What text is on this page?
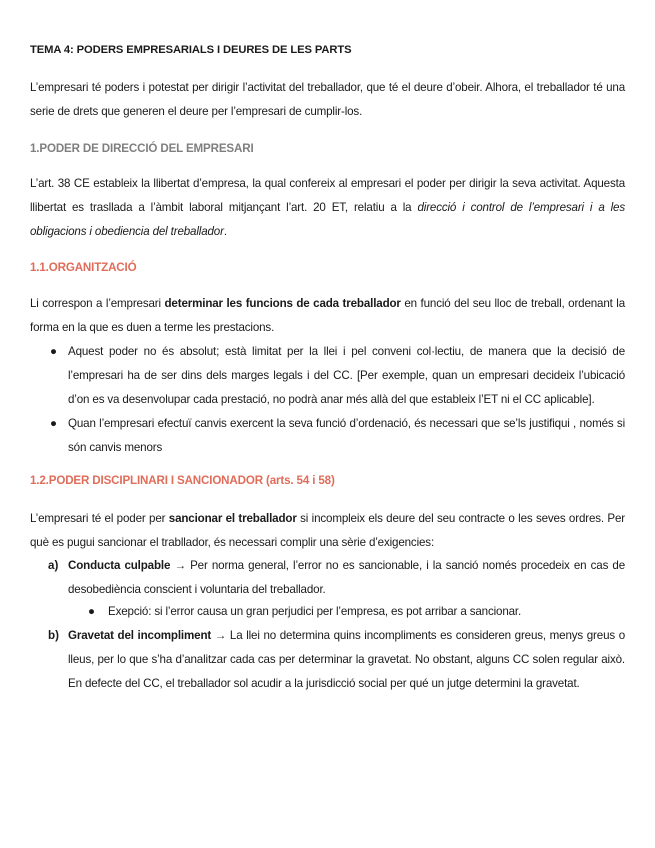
TEMA 4: PODERS EMPRESARIALS I DEURES DE LES PARTS
L’empresari té poders i potestat per dirigir l’activitat del treballador, que té el deure d’obeir. Alhora, el treballador té una serie de drets que generen el deure per l’empresari de cumplir-los.
1.PODER DE DIRECCIÓ DEL EMPRESARI
L’art. 38 CE estableix la llibertat d’empresa, la qual confereix al empresari el poder per dirigir la seva activitat. Aquesta llibertat es trasllada a l’àmbit laboral mitjançant l’art. 20 ET, relatiu a la direcció i control de l’empresari i a les obligacions i obediencia del treballador.
1.1.ORGANITZACIÓ
Li correspon a l’empresari determinar les funcions de cada treballador en funció del seu lloc de treball, ordenant la forma en la que es duen a terme les prestacions.
● Aquest poder no és absolut; està limitat per la llei i pel conveni col·lectiu, de manera que la decisió de l’empresari ha de ser dins dels marges legals i del CC. [Per exemple, quan un empresari decideix l’ubicació d’on es va desenvolupar cada prestació, no podrà anar més allà del que estableix l’ET ni el CC aplicable].
● Quan l’empresari efectuï canvis exercent la seva funció d’ordenació, és necessari que se’ls justifiqui , només si són canvis menors
1.2.PODER DISCIPLINARI I SANCIONADOR (arts. 54 i 58)
L’empresari té el poder per sancionar el treballador si incompleix els deure del seu contracte o les seves ordres. Per què es pugui sancionar el trabllador, és necessari complir una sèrie d’exigencies:
a) Conducta culpable → Per norma general, l’error no es sancionable, i la sanció només procedeix en cas de desobediència conscient i voluntaria del treballador.
● Exepció: si l’error causa un gran perjudici per l’empresa, es pot arribar a sancionar.
b) Gravetat del incompliment → La llei no determina quins incompliments es consideren greus, menys greus o lleus, per lo que s’ha d’analitzar cada cas per determinar la gravetat. No obstant, alguns CC solen regular això. En defecte del CC, el treballador sol acudir a la jurisdicció social per qué un jutge determini la gravetat.
